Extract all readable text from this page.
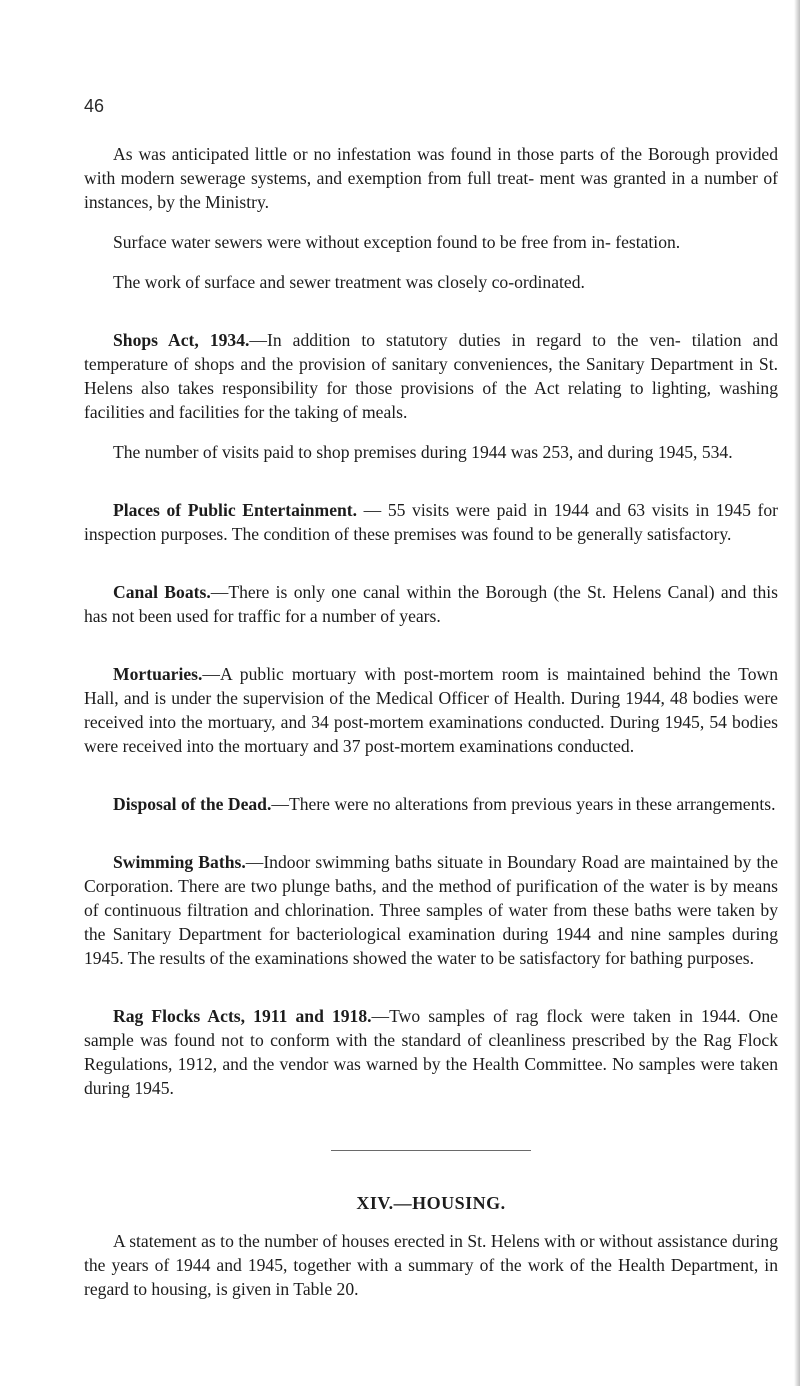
46

As was anticipated little or no infestation was found in those parts of the Borough provided with modern sewerage systems, and exemption from full treat- ment was granted in a number of instances, by the Ministry.

Surface water sewers were without exception found to be free from in- festation.

The work of surface and sewer treatment was closely co-ordinated.

Shops Act, 1934.—In addition to statutory duties in regard to the ven- tilation and temperature of shops and the provision of sanitary conveniences, the Sanitary Department in St. Helens also takes responsibility for those provisions of the Act relating to lighting, washing facilities and facilities for the taking of meals.

The number of visits paid to shop premises during 1944 was 253, and during 1945, 534.

Places of Public Entertainment. — 55 visits were paid in 1944 and 63 visits in 1945 for inspection purposes. The condition of these premises was found to be generally satisfactory.

Canal Boats.—There is only one canal within the Borough (the St. Helens Canal) and this has not been used for traffic for a number of years.

Mortuaries.—A public mortuary with post-mortem room is maintained behind the Town Hall, and is under the supervision of the Medical Officer of Health. During 1944, 48 bodies were received into the mortuary, and 34 post-mortem examinations conducted. During 1945, 54 bodies were received into the mortuary and 37 post-mortem examinations conducted.

Disposal of the Dead.—There were no alterations from previous years in these arrangements.

Swimming Baths.—Indoor swimming baths situate in Boundary Road are maintained by the Corporation. There are two plunge baths, and the method of purification of the water is by means of continuous filtration and chlorination. Three samples of water from these baths were taken by the Sanitary Department for bacteriological examination during 1944 and nine samples during 1945. The results of the examinations showed the water to be satisfactory for bathing purposes.

Rag Flocks Acts, 1911 and 1918.—Two samples of rag flock were taken in 1944. One sample was found not to conform with the standard of cleanliness prescribed by the Rag Flock Regulations, 1912, and the vendor was warned by the Health Committee. No samples were taken during 1945.

XIV.—HOUSING.

A statement as to the number of houses erected in St. Helens with or without assistance during the years of 1944 and 1945, together with a summary of the work of the Health Department, in regard to housing, is given in Table 20.
